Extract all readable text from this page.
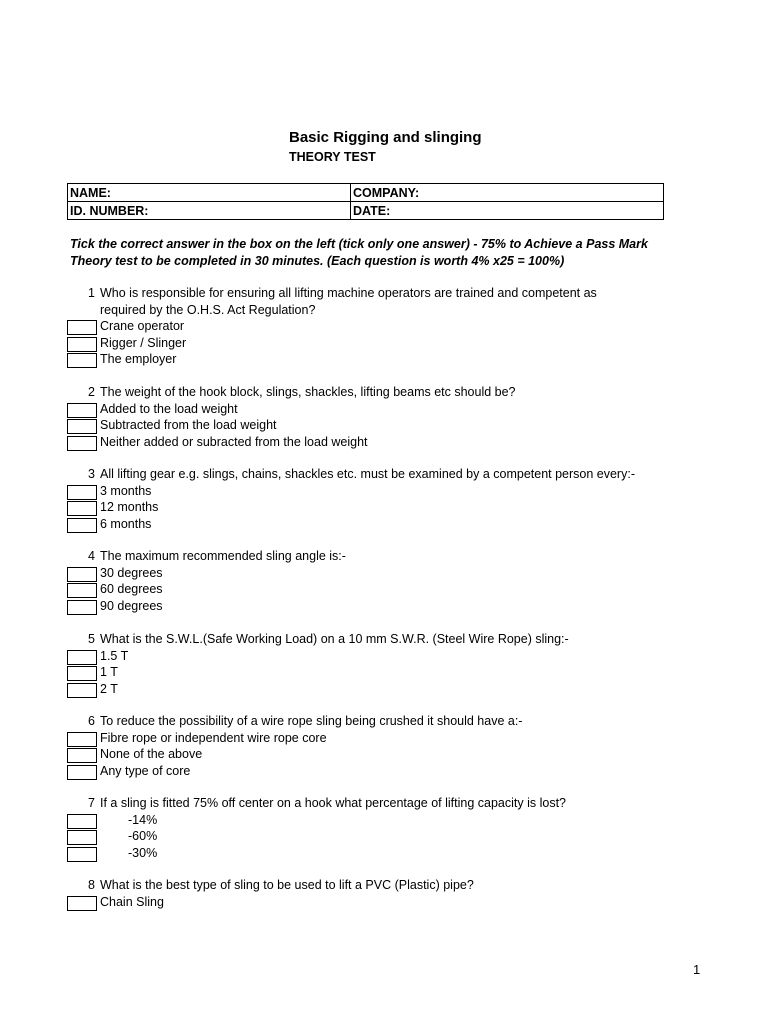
Basic Rigging and slinging
THEORY TEST
NAME:	COMPANY:
ID. NUMBER:	DATE:
Tick the correct answer in the box on the left (tick only one answer) - 75% to Achieve a Pass Mark
Theory test to be completed in 30 minutes. (Each question is worth 4% x25 = 100%)
1 Who is responsible for ensuring all lifting machine operators are trained and competent as
required by the O.H.S. Act Regulation?
Crane operator
Rigger / Slinger
The employer
2 The weight of the hook block, slings, shackles, lifting beams etc should be?
Added to the load weight
Subtracted from the load weight
Neither added or subracted from the load weight
3 All lifting gear e.g. slings, chains, shackles etc. must be examined by a competent person every:-
3 months
12 months
6 months
4 The maximum recommended sling angle is:-
30 degrees
60 degrees
90 degrees
5 What is the S.W.L.(Safe Working Load) on a 10 mm S.W.R. (Steel Wire Rope) sling:-
1.5 T
1 T
2 T
6 To reduce the possibility of a wire rope sling being crushed it should have a:-
Fibre rope or independent wire rope core
None of the above
Any type of core
7 If a sling is fitted 75% off center on a hook what percentage of lifting capacity is lost?
-14%
-60%
-30%
8 What is the best type of sling to be used to lift a PVC (Plastic) pipe?
Chain Sling
1
